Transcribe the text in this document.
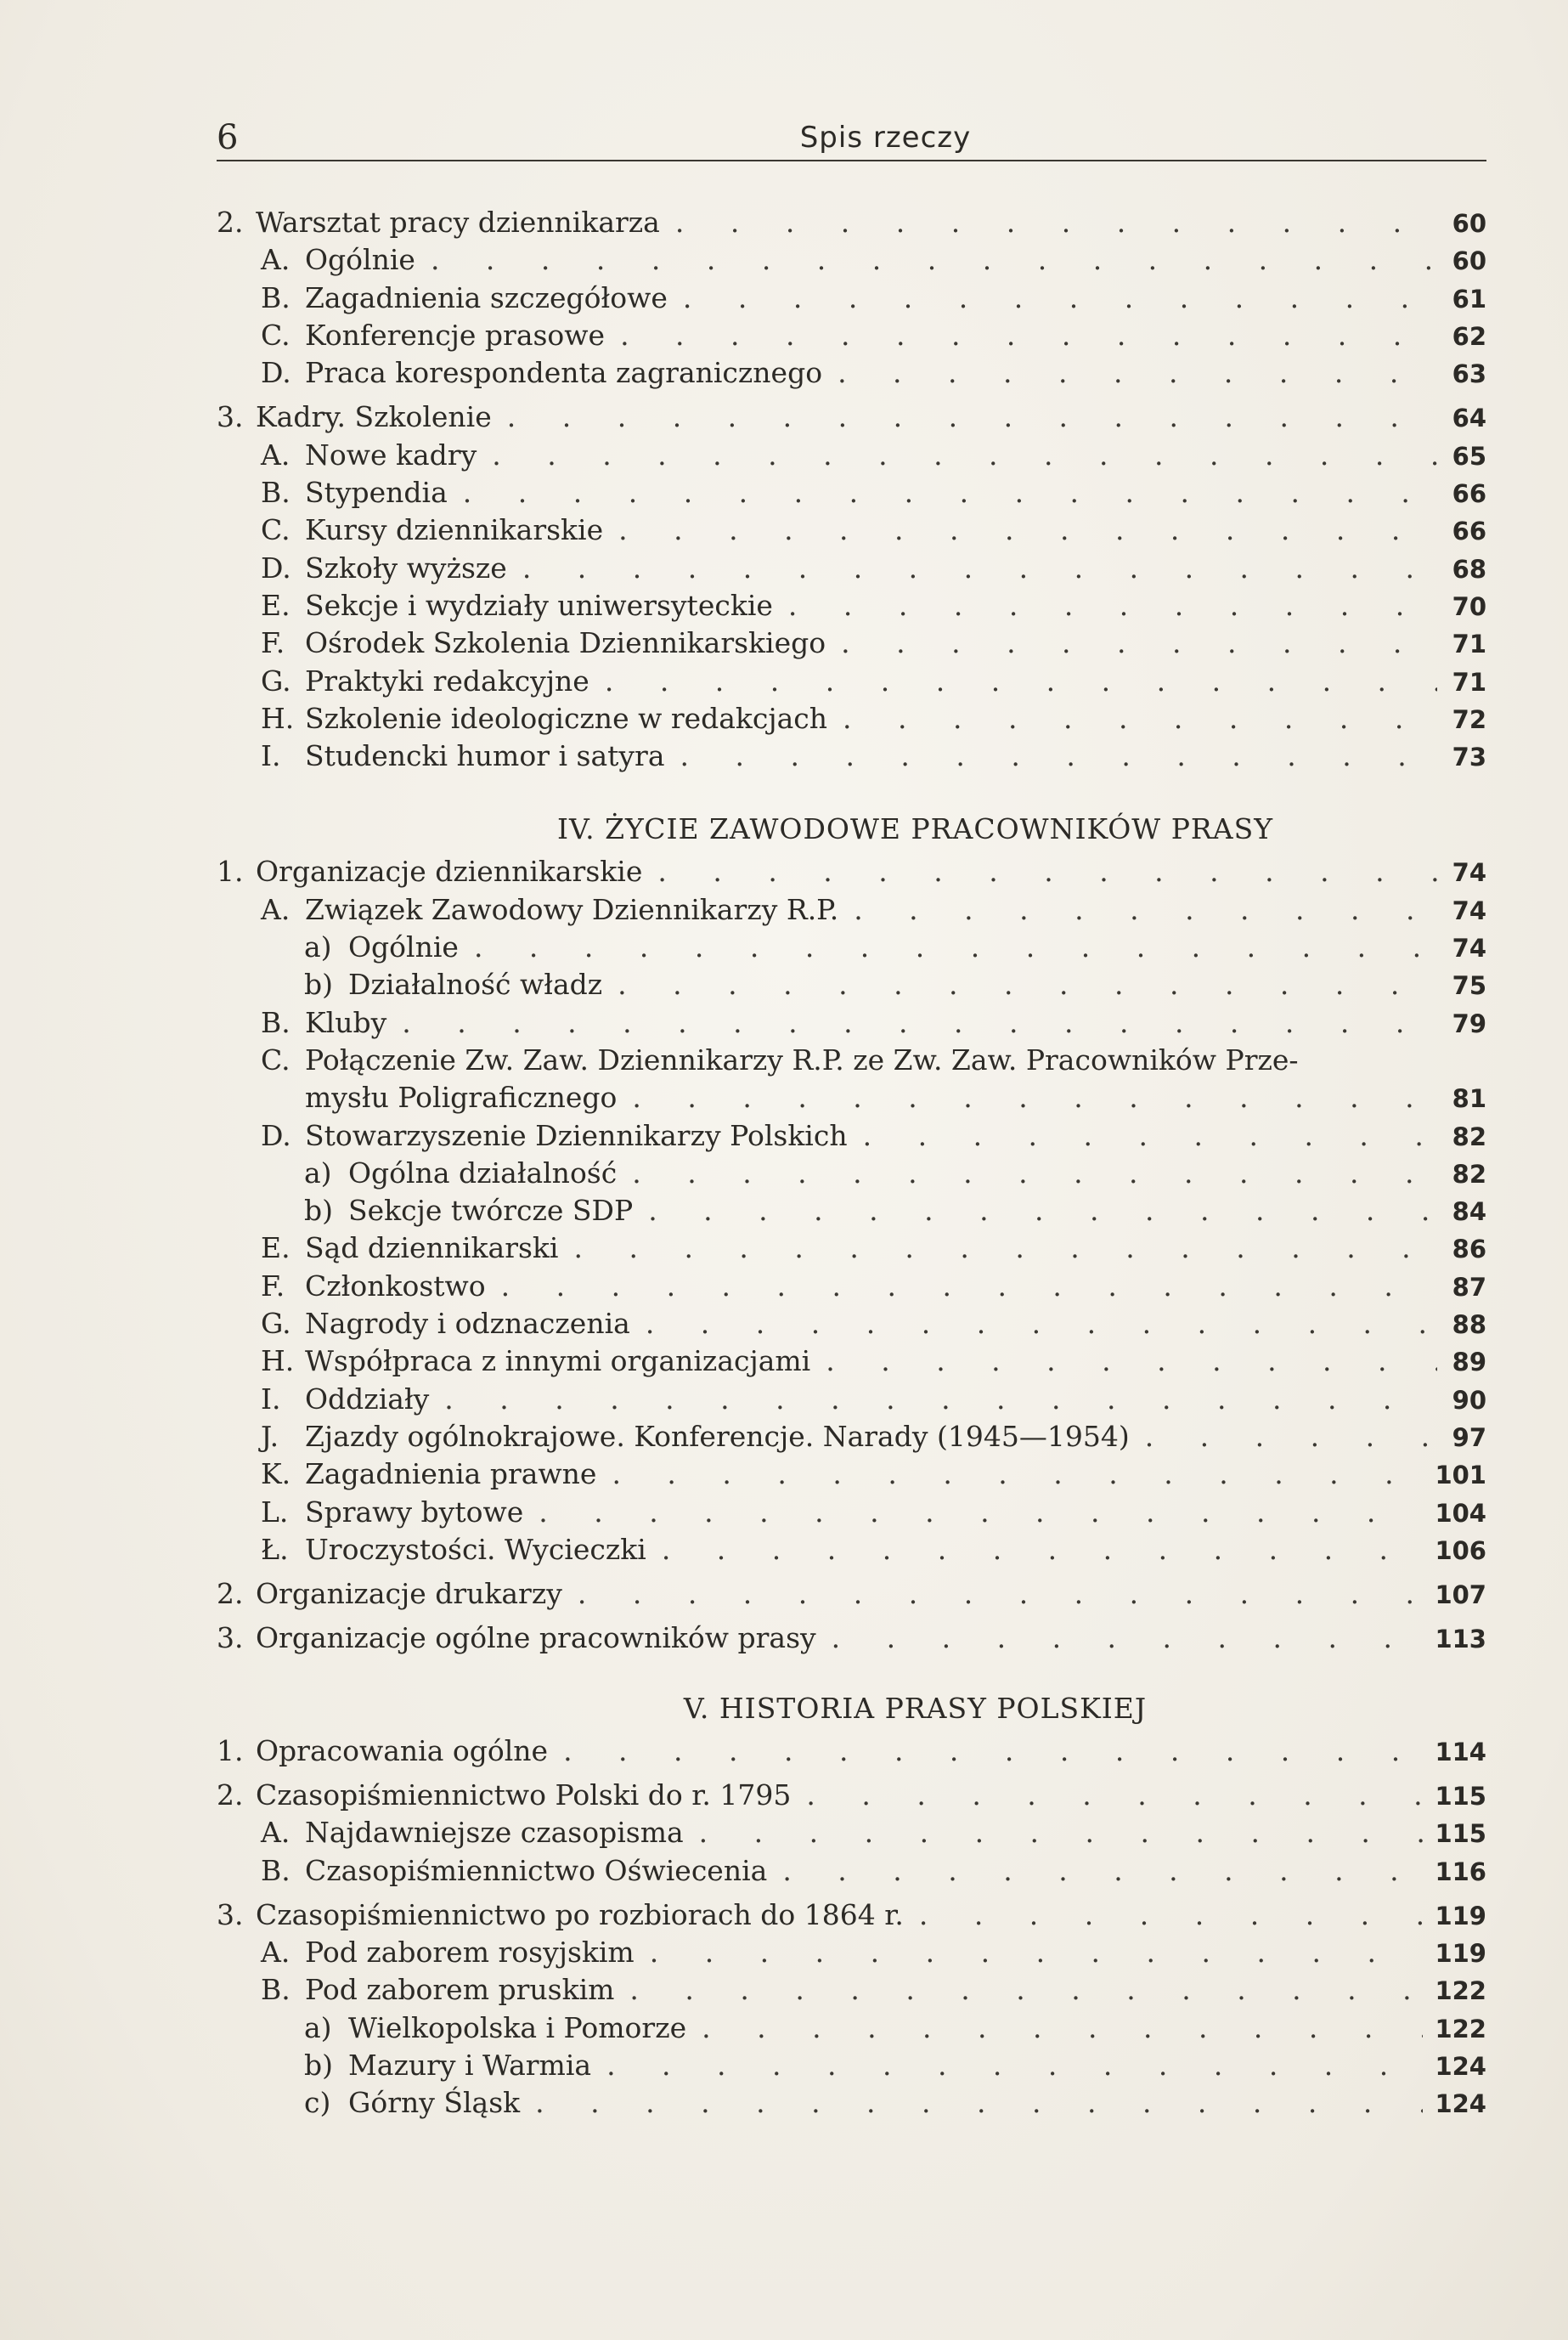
6	Spis rzeczy
2. Warsztat pracy dziennikarza . . .	60
A. Ogólnie . . .	60
B. Zagadnienia szczegółowe . . .	61
C. Konferencje prasowe . . .	62
D. Praca korespondenta zagranicznego . . .	63
3. Kadry. Szkolenie . . .	64
A. Nowe kadry . . .	65
B. Stypendia . . .	66
C. Kursy dziennikarskie . . .	66
D. Szkoły wyższe . . .	68
E. Sekcje i wydziały uniwersyteckie . . .	70
F. Ośrodek Szkolenia Dziennikarskiego . . .	71
G. Praktyki redakcyjne . . .	71
H. Szkolenie ideologiczne w redakcjach . . .	72
I. Studencki humor i satyra . . .	73
IV. ŻYCIE ZAWODOWE PRACOWNIKÓW PRASY
1. Organizacje dziennikarskie . . .	74
A. Związek Zawodowy Dziennikarzy R.P. . . .	74
a) Ogólnie . . .	74
b) Działalność władz . . .	75
B. Kluby . . .	79
C. Połączenie Zw. Zaw. Dziennikarzy R.P. ze Zw. Zaw. Pracowników Prze-
mysłu Poligraficznego . . .	81
D. Stowarzyszenie Dziennikarzy Polskich . . .	82
a) Ogólna działalność . . .	82
b) Sekcje twórcze SDP . . .	84
E. Sąd dziennikarski . . .	86
F. Członkostwo . . .	87
G. Nagrody i odznaczenia . . .	88
H. Współpraca z innymi organizacjami . . .	89
I. Oddziały . . .	90
J. Zjazdy ogólnokrajowe. Konferencje. Narady (1945—1954) . . .	97
K. Zagadnienia prawne . . .	101
L. Sprawy bytowe . . .	104
Ł. Uroczystości. Wycieczki . . .	106
2. Organizacje drukarzy . . .	107
3. Organizacje ogólne pracowników prasy . . .	113
V. HISTORIA PRASY POLSKIEJ
1. Opracowania ogólne . . .	114
2. Czasopiśmiennictwo Polski do r. 1795 . . .	115
A. Najdawniejsze czasopisma . . .	115
B. Czasopiśmiennictwo Oświecenia . . .	116
3. Czasopiśmiennictwo po rozbiorach do 1864 r. . . .	119
A. Pod zaborem rosyjskim . . .	119
B. Pod zaborem pruskim . . .	122
a) Wielkopolska i Pomorze . . .	122
b) Mazury i Warmia . . .	124
c) Górny Śląsk . . .	124
